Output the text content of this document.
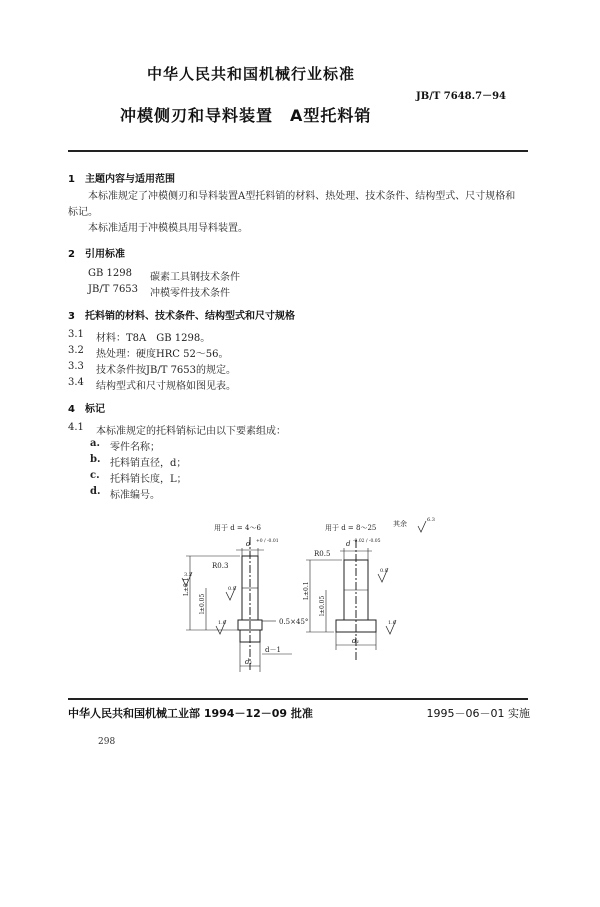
中华人民共和国机械行业标准
JB/T 7648.7－94
冲模侧刃和导料装置　A型托料销
1　主题内容与适用范围
本标准规定了冲模侧刃和导料装置A型托料销的材料、热处理、技术条件、结构型式、尺寸规格和标记。
本标准适用于冲模模具用导料装置。
2　引用标准
GB 1298 碳素工具钢技术条件
JB/T 7653 冲模零件技术条件
3　托料销的材料、技术条件、结构型式和尺寸规格
3.1 材料：T8A　GB 1298。
3.2 热处理：硬度HRC 52～56。
3.3 技术条件按JB/T 7653的规定。
3.4 结构型式和尺寸规格如图见表。
4　标记
4.1 本标准规定的托料销标记由以下要素组成：
a. 零件名称；
b. 托料销直径，d；
c. 托料销长度，L；
d. 标准编号。
用于 d = 4～6	用于 d = 8～25 其余	6.3
d +0 / -0.01
R0.3
d -0.02 / -0.05
R0.5
0.5×45°
d－1
d₁
d₁
L±0.1
l±0.05
L±0.1
l±0.05
0.8
3.2
1.6
0.8
1.6
中华人民共和国机械工业部 1994－12－09 批准	1995－06－01 实施
298
